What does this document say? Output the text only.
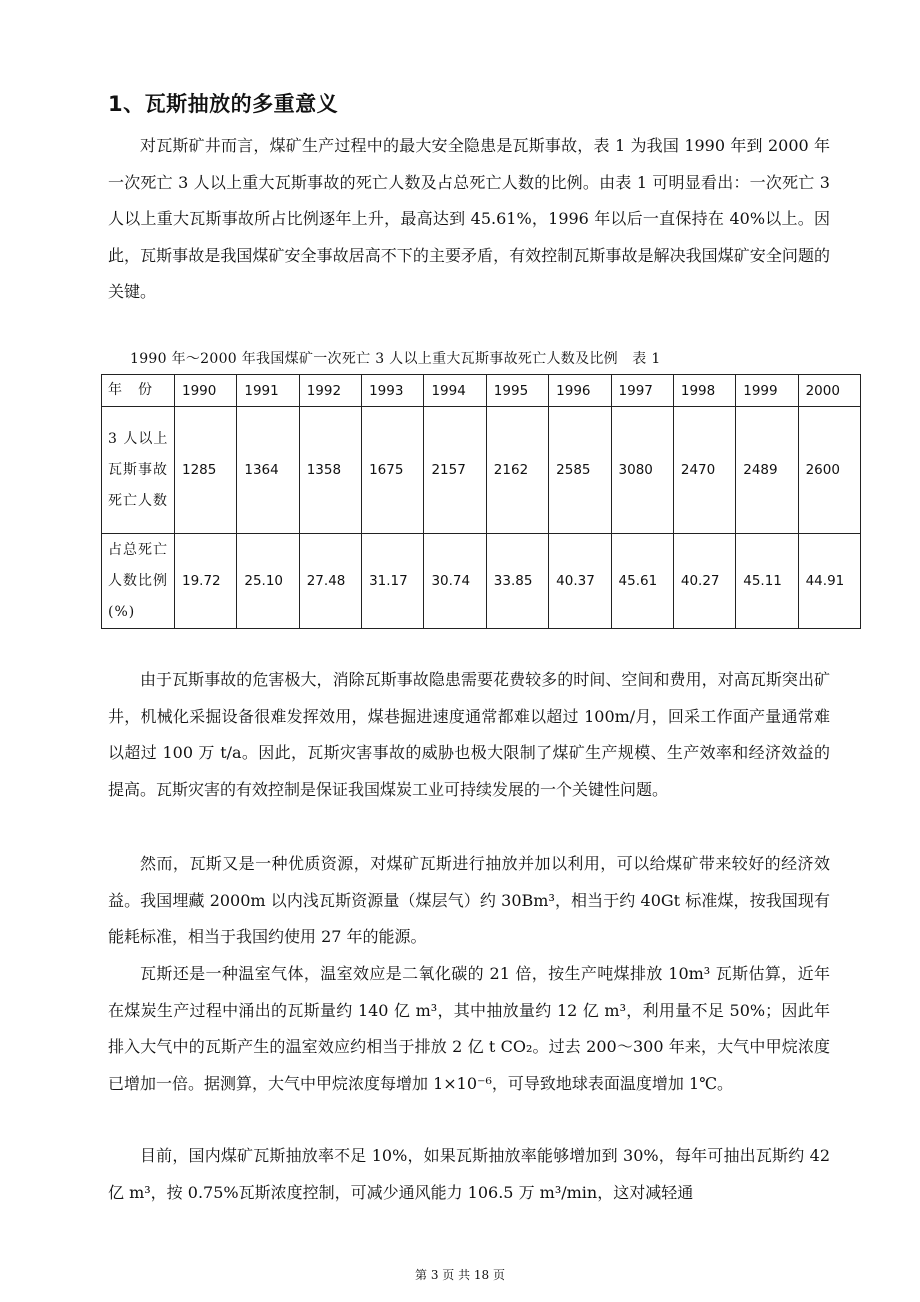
1、瓦斯抽放的多重意义

对瓦斯矿井而言，煤矿生产过程中的最大安全隐患是瓦斯事故，表 1 为我国 1990 年到 2000 年一次死亡 3 人以上重大瓦斯事故的死亡人数及占总死亡人数的比例。由表 1 可明显看出：一次死亡 3 人以上重大瓦斯事故所占比例逐年上升，最高达到 45.61%，1996 年以后一直保持在 40%以上。因此，瓦斯事故是我国煤矿安全事故居高不下的主要矛盾，有效控制瓦斯事故是解决我国煤矿安全问题的关键。

1990 年～2000 年我国煤矿一次死亡 3 人以上重大瓦斯事故死亡人数及比例　表 1
年　份	1990	1991	1992	1993	1994	1995	1996	1997	1998	1999	2000
3 人以上瓦斯事故死亡人数	1285	1364	1358	1675	2157	2162	2585	3080	2470	2489	2600
占总死亡人数比例(%)	19.72	25.10	27.48	31.17	30.74	33.85	40.37	45.61	40.27	45.11	44.91

由于瓦斯事故的危害极大，消除瓦斯事故隐患需要花费较多的时间、空间和费用，对高瓦斯突出矿井，机械化采掘设备很难发挥效用，煤巷掘进速度通常都难以超过 100m/月，回采工作面产量通常难以超过 100 万 t/a。因此，瓦斯灾害事故的威胁也极大限制了煤矿生产规模、生产效率和经济效益的提高。瓦斯灾害的有效控制是保证我国煤炭工业可持续发展的一个关键性问题。

然而，瓦斯又是一种优质资源，对煤矿瓦斯进行抽放并加以利用，可以给煤矿带来较好的经济效益。我国埋藏 2000m 以内浅瓦斯资源量（煤层气）约 30Bm³，相当于约 40Gt 标准煤，按我国现有能耗标准，相当于我国约使用 27 年的能源。

瓦斯还是一种温室气体，温室效应是二氧化碳的 21 倍，按生产吨煤排放 10m³ 瓦斯估算，近年在煤炭生产过程中涌出的瓦斯量约 140 亿 m³，其中抽放量约 12 亿 m³，利用量不足 50%；因此年排入大气中的瓦斯产生的温室效应约相当于排放 2 亿 t CO₂。过去 200～300 年来，大气中甲烷浓度已增加一倍。据测算，大气中甲烷浓度每增加 1×10⁻⁶，可导致地球表面温度增加 1℃。

目前，国内煤矿瓦斯抽放率不足 10%，如果瓦斯抽放率能够增加到 30%，每年可抽出瓦斯约 42 亿 m³，按 0.75%瓦斯浓度控制，可减少通风能力 106.5 万 m³/min，这对减轻通

第 3 页 共 18 页
